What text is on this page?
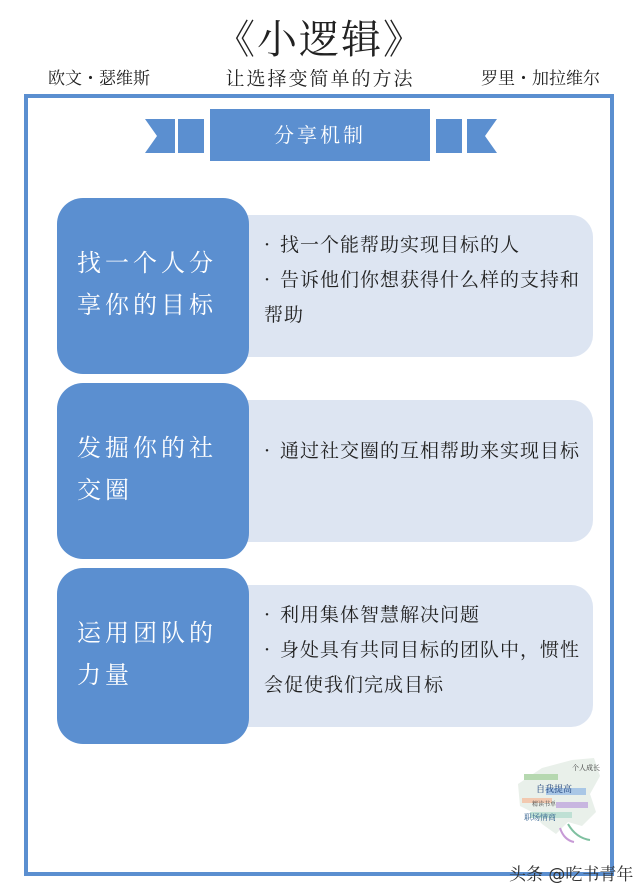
《小逻辑》
欧文・瑟维斯	让选择变简单的方法	罗里・加拉维尔
分享机制
找一个人分享你的目标
· 找一个能帮助实现目标的人
· 告诉他们你想获得什么样的支持和帮助
发掘你的社交圈
· 通过社交圈的互相帮助来实现目标
运用团队的力量
· 利用集体智慧解决问题
· 身处具有共同目标的团队中，惯性会促使我们完成目标
个人成长
自我提高
精读书单
职场情商
头条 @吃书青年
